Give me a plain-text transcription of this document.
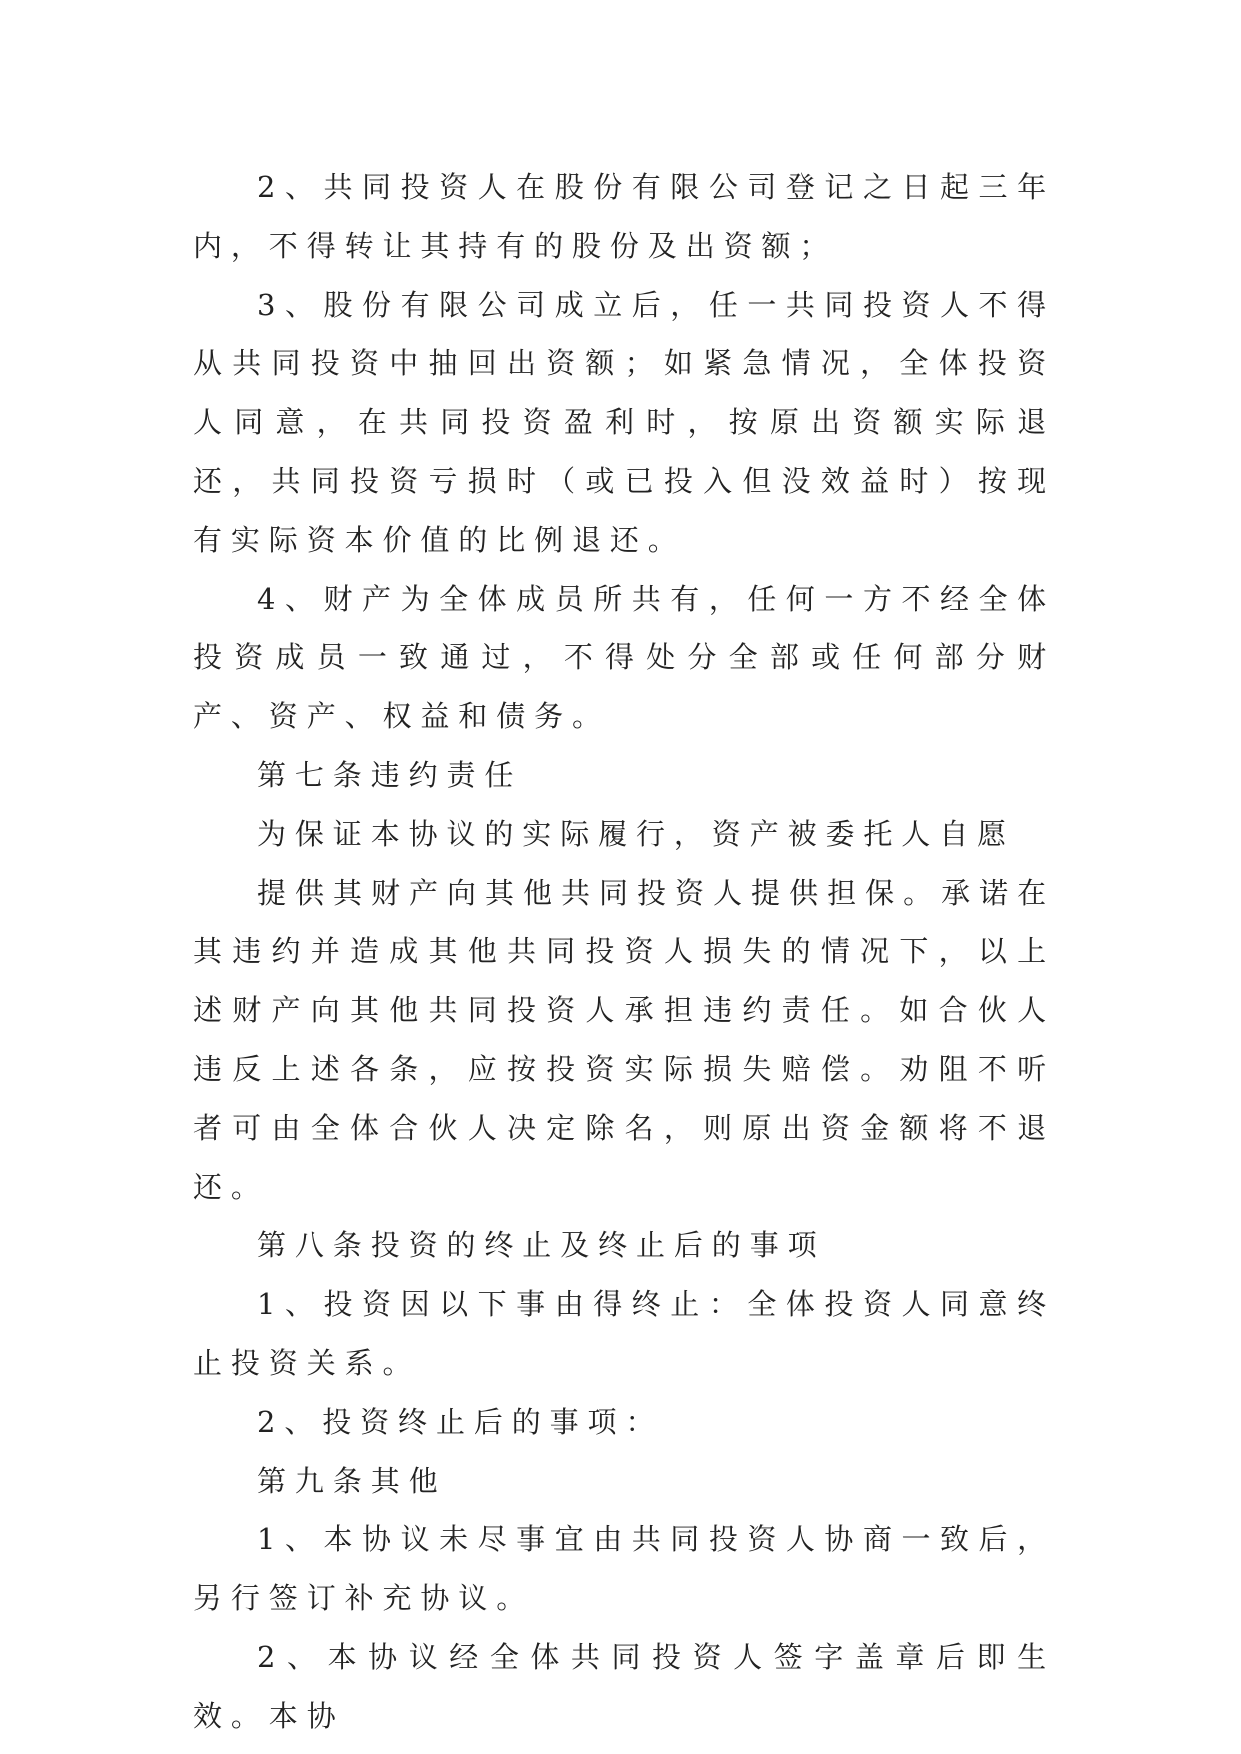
2、共同投资人在股份有限公司登记之日起三年内，不得转让其持有的股份及出资额；

3、股份有限公司成立后，任一共同投资人不得从共同投资中抽回出资额；如紧急情况，全体投资人同意，在共同投资盈利时，按原出资额实际退还，共同投资亏损时（或已投入但没效益时）按现有实际资本价值的比例退还。

4、财产为全体成员所共有，任何一方不经全体投资成员一致通过，不得处分全部或任何部分财产、资产、权益和债务。

第七条违约责任

为保证本协议的实际履行，资产被委托人自愿

提供其财产向其他共同投资人提供担保。承诺在其违约并造成其他共同投资人损失的情况下，以上述财产向其他共同投资人承担违约责任。如合伙人违反上述各条，应按投资实际损失赔偿。劝阻不听者可由全体合伙人决定除名，则原出资金额将不退还。

第八条投资的终止及终止后的事项

1、投资因以下事由得终止：全体投资人同意终止投资关系。

2、投资终止后的事项：

第九条其他

1、本协议未尽事宜由共同投资人协商一致后，另行签订补充协议。

2、本协议经全体共同投资人签字盖章后即生效。本协
